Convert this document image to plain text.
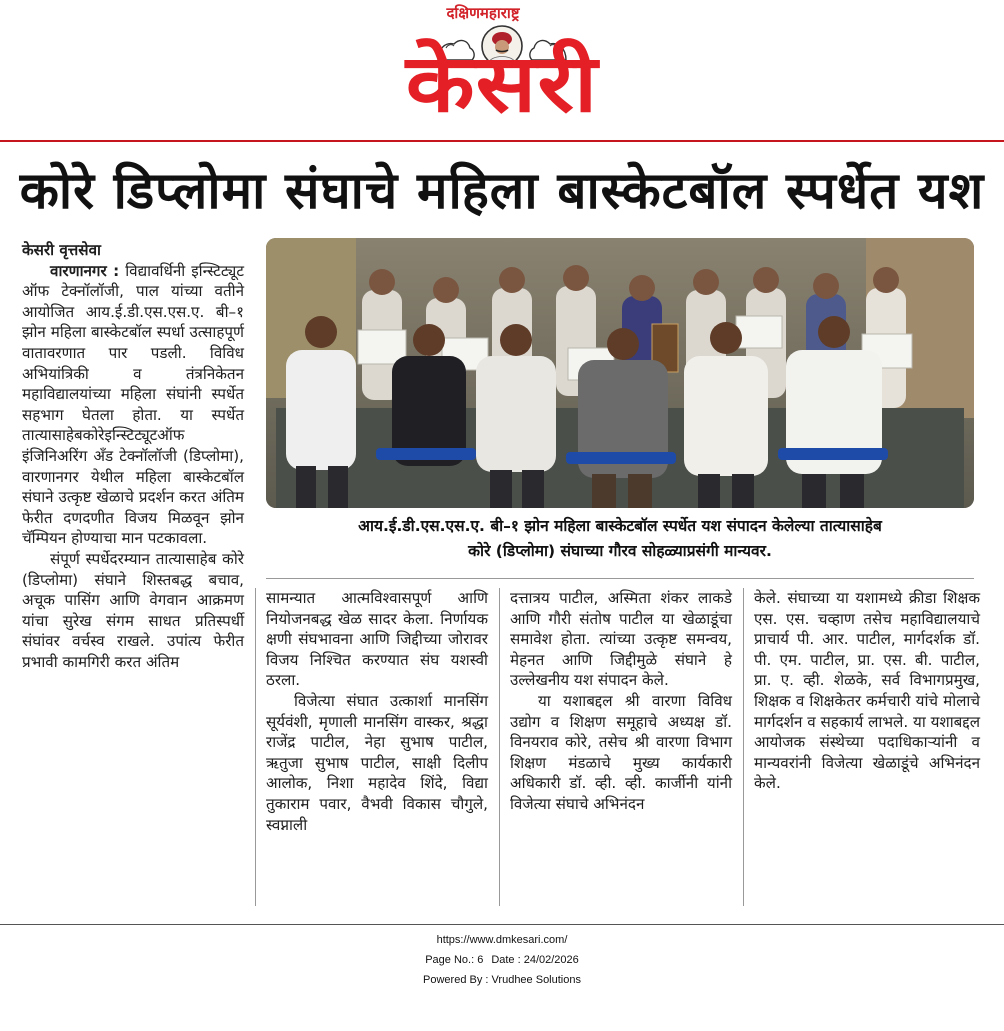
दक्षिणमहाराष्ट्र
केसरी
कोरे डिप्लोमा संघाचे महिला बास्केटबॉल स्पर्धेत यश

केसरी वृत्तसेवा

वारणानगर : विद्यावर्धिनी इन्स्टिट्यूट ऑफ टेक्नॉलॉजी, पाल यांच्या वतीने आयोजित आय.ई.डी.एस.एस.ए. बी–१ झोन महिला बास्केटबॉल स्पर्धा उत्साहपूर्ण वातावरणात पार पडली. विविध अभियांत्रिकी व तंत्रनिकेतन महाविद्यालयांच्या महिला संघांनी स्पर्धेत सहभाग घेतला होता. या स्पर्धेत तात्यासाहेबकोरेइन्स्टिट्यूटऑफ इंजिनिअरिंग अँड टेक्नॉलॉजी (डिप्लोमा), वारणानगर येथील महिला बास्केटबॉल संघाने उत्कृष्ट खेळाचे प्रदर्शन करत अंतिम फेरीत दणदणीत विजय मिळवून झोन चॅम्पियन होण्याचा मान पटकावला.

संपूर्ण स्पर्धेदरम्यान तात्यासाहेब कोरे (डिप्लोमा) संघाने शिस्तबद्ध बचाव, अचूक पासिंग आणि वेगवान आक्रमण यांचा सुरेख संगम साधत प्रतिस्पर्धी संघांवर वर्चस्व राखले. उपांत्य फेरीत प्रभावी कामगिरी करत अंतिम

आय.ई.डी.एस.एस.ए. बी–१ झोन महिला बास्केटबॉल स्पर्धेत यश संपादन केलेल्या तात्यासाहेब
कोरे (डिप्लोमा) संघाच्या गौरव सोहळ्याप्रसंगी मान्यवर.

सामन्यात आत्मविश्वासपूर्ण आणि नियोजनबद्ध खेळ सादर केला. निर्णायक क्षणी संघभावना आणि जिद्दीच्या जोरावर विजय निश्चित करण्यात संघ यशस्वी ठरला.

विजेत्या संघात उत्कार्शा मानसिंग सूर्यवंशी, मृणाली मानसिंग वास्कर, श्रद्धा राजेंद्र पाटील, नेहा सुभाष पाटील, ऋतुजा सुभाष पाटील, साक्षी दिलीप आलोक, निशा महादेव शिंदे, विद्या तुकाराम पवार, वैभवी विकास चौगुले, स्वप्नाली

दत्तात्रय पाटील, अस्मिता शंकर लाकडे आणि गौरी संतोष पाटील या खेळाडूंचा समावेश होता. त्यांच्या उत्कृष्ट समन्वय, मेहनत आणि जिद्दीमुळे संघाने हे उल्लेखनीय यश संपादन केले.

या यशाबद्दल श्री वारणा विविध उद्योग व शिक्षण समूहाचे अध्यक्ष डॉ. विनयराव कोरे, तसेच श्री वारणा विभाग शिक्षण मंडळाचे मुख्य कार्यकारी अधिकारी डॉ. व्ही. व्ही. कार्जीनी यांनी विजेत्या संघाचे अभिनंदन

केले. संघाच्या या यशामध्ये क्रीडा शिक्षक एस. एस. चव्हाण तसेच महाविद्यालयाचे प्राचार्य पी. आर. पाटील, मार्गदर्शक डॉ. पी. एम. पाटील, प्रा. एस. बी. पाटील, प्रा. ए. व्ही. शेळके, सर्व विभागप्रमुख, शिक्षक व शिक्षकेतर कर्मचारी यांचे मोलाचे मार्गदर्शन व सहकार्य लाभले. या यशाबद्दल आयोजक संस्थेच्या पदाधिकाऱ्यांनी व मान्यवरांनी विजेत्या खेळाडूंचे अभिनंदन केले.

https://www.dmkesari.com/
Page No.: 6 Date : 24/02/2026
Powered By : Vrudhee Solutions
